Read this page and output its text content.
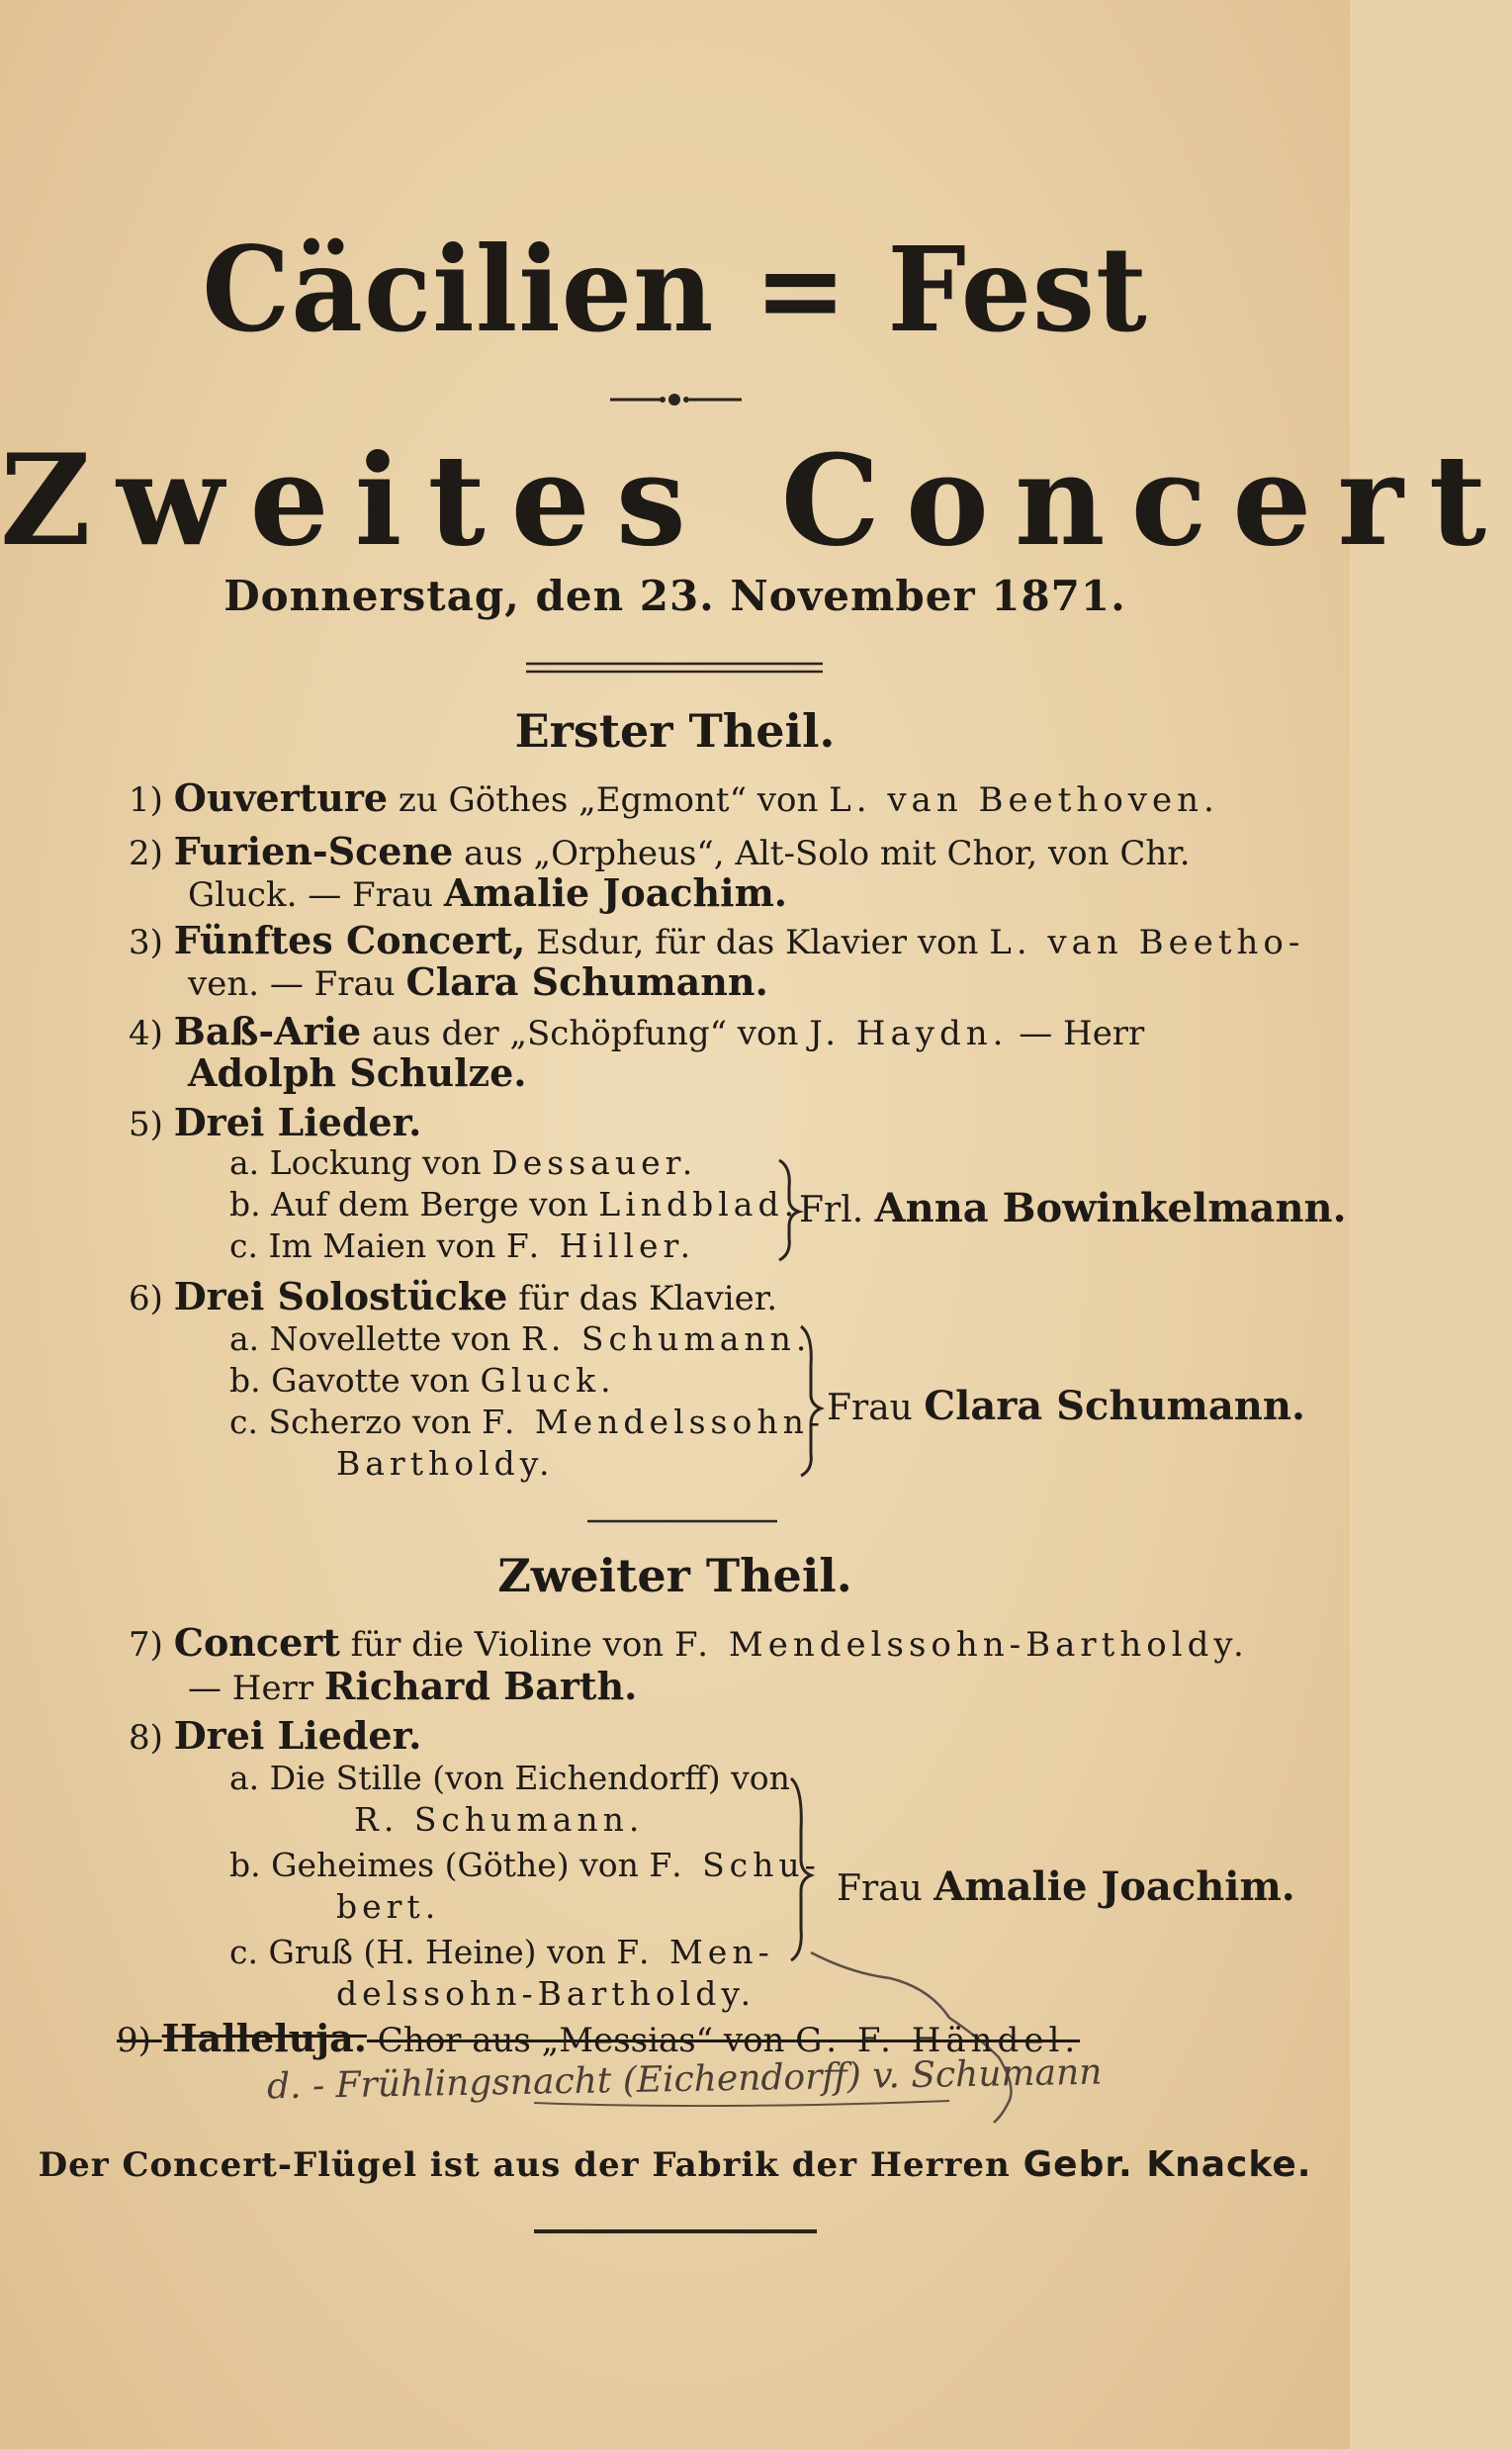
Cäcilien = Fest
Zweites Concert
Donnerstag, den 23. November 1871.
Erster Theil.
1) Ouverture zu Göthes „Egmont“ von L. van Beethoven.
2) Furien-Scene aus „Orpheus“, Alt-Solo mit Chor, von Chr.
Gluck. — Frau Amalie Joachim.
3) Fünftes Concert, Esdur, für das Klavier von L. van Beetho-
ven. — Frau Clara Schumann.
4) Baß-Arie aus der „Schöpfung“ von J. Haydn. — Herr
Adolph Schulze.
5) Drei Lieder.
a. Lockung von Dessauer.
b. Auf dem Berge von Lindblad.
c. Im Maien von F. Hiller.
Frl. Anna Bowinkelmann.
6) Drei Solostücke für das Klavier.
a. Novellette von R. Schumann.
b. Gavotte von Gluck.
c. Scherzo von F. Mendelssohn-
Bartholdy.
Frau Clara Schumann.
Zweiter Theil.
7) Concert für die Violine von F. Mendelssohn-Bartholdy.
— Herr Richard Barth.
8) Drei Lieder.
a. Die Stille (von Eichendorff) von
R. Schumann.
b. Geheimes (Göthe) von F. Schu-
bert.
c. Gruß (H. Heine) von F. Men-
delssohn-Bartholdy.
Frau Amalie Joachim.
9) Halleluja. Chor aus „Messias“ von G. F. Händel.
d. - Frühlingsnacht (Eichendorff) v. Schumann
Der Concert-Flügel ist aus der Fabrik der Herren Gebr. Knacke.
